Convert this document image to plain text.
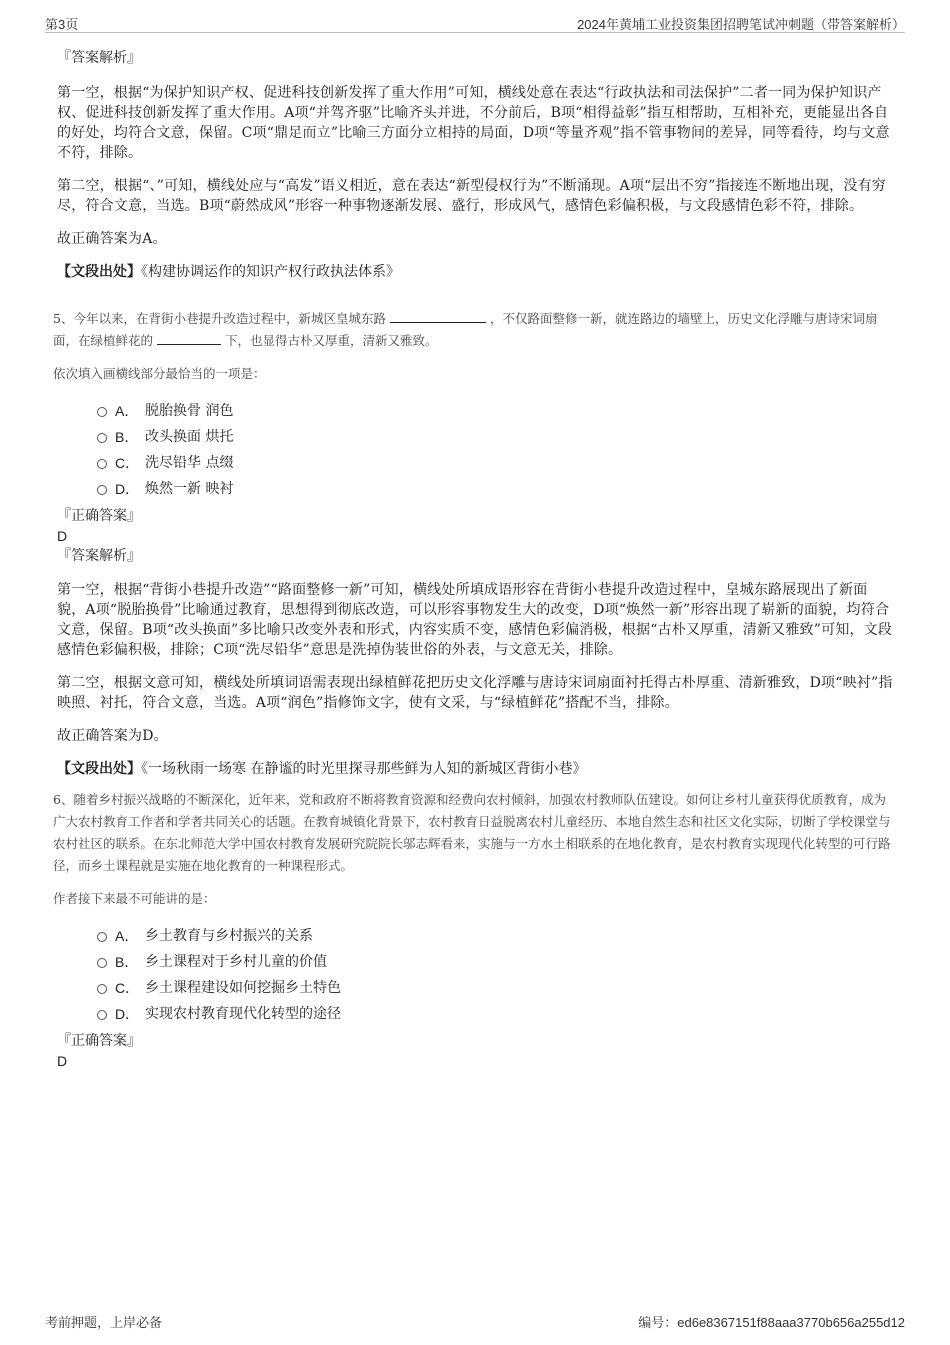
第3页	2024年黄埔工业投资集团招聘笔试冲刺题（带答案解析）

『答案解析』

第一空，根据“为保护知识产权、促进科技创新发挥了重大作用”可知，横线处意在表达“行政执法和司法保护”二者一同为保护知识产权、促进科技创新发挥了重大作用。A项“并驾齐驱”比喻齐头并进，不分前后，B项“相得益彰”指互相帮助，互相补充，更能显出各自的好处，均符合文意，保留。C项“鼎足而立”比喻三方面分立相持的局面，D项“等量齐观”指不管事物间的差异，同等看待，均与文意不符，排除。

第二空，根据“、”可知，横线处应与“高发”语义相近，意在表达“新型侵权行为”不断涌现。A项“层出不穷”指接连不断地出现，没有穷尽，符合文意，当选。B项“蔚然成风”形容一种事物逐渐发展、盛行，形成风气，感情色彩偏积极，与文段感情色彩不符，排除。

故正确答案为A。

【文段出处】《构建协调运作的知识产权行政执法体系》

5、今年以来，在背街小巷提升改造过程中，新城区皇城东路	，不仅路面整修一新，就连路边的墙壁上，历史文化浮雕与唐诗宋词扇面，在绿植鲜花的	下，也显得古朴又厚重，清新又雅致。

依次填入画横线部分最恰当的一项是：

A． 脱胎换骨 润色
B． 改头换面 烘托
C． 洗尽铅华 点缀
D． 焕然一新 映衬

『正确答案』

D

『答案解析』

第一空，根据“背街小巷提升改造”“路面整修一新”可知，横线处所填成语形容在背街小巷提升改造过程中，皇城东路展现出了新面貌，A项“脱胎换骨”比喻通过教育，思想得到彻底改造，可以形容事物发生大的改变，D项“焕然一新”形容出现了崭新的面貌，均符合文意，保留。B项“改头换面”多比喻只改变外表和形式，内容实质不变，感情色彩偏消极，根据“古朴又厚重，清新又雅致”可知，文段感情色彩偏积极，排除；C项“洗尽铅华”意思是洗掉伪装世俗的外表，与文意无关，排除。

第二空，根据文意可知，横线处所填词语需表现出绿植鲜花把历史文化浮雕与唐诗宋词扇面衬托得古朴厚重、清新雅致，D项“映衬”指映照、衬托，符合文意，当选。A项“润色”指修饰文字，使有文采，与“绿植鲜花”搭配不当，排除。

故正确答案为D。

【文段出处】《一场秋雨一场寒 在静谧的时光里探寻那些鲜为人知的新城区背街小巷》

6、随着乡村振兴战略的不断深化，近年来，党和政府不断将教育资源和经费向农村倾斜，加强农村教师队伍建设。如何让乡村儿童获得优质教育，成为广大农村教育工作者和学者共同关心的话题。在教育城镇化背景下，农村教育日益脱离农村儿童经历、本地自然生态和社区文化实际，切断了学校课堂与农村社区的联系。在东北师范大学中国农村教育发展研究院院长邬志辉看来，实施与一方水土相联系的在地化教育，是农村教育实现现代化转型的可行路径，而乡土课程就是实施在地化教育的一种课程形式。

作者接下来最不可能讲的是：

A． 乡土教育与乡村振兴的关系
B． 乡土课程对于乡村儿童的价值
C． 乡土课程建设如何挖掘乡土特色
D． 实现农村教育现代化转型的途径

『正确答案』

D

考前押题，上岸必备	编号：ed6e8367151f88aaa3770b656a255d12
